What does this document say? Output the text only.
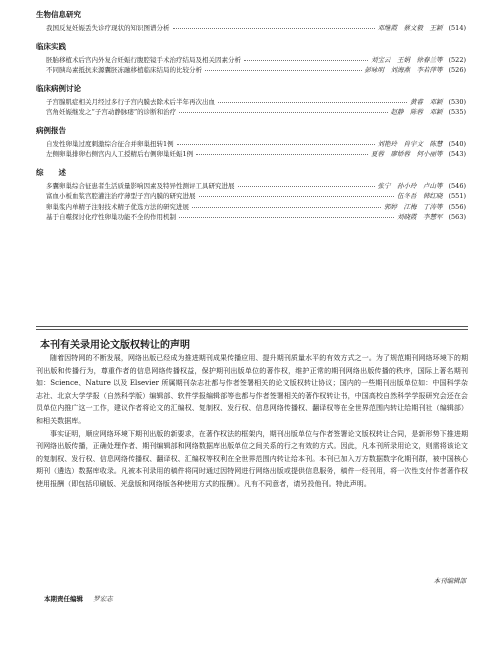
生物信息研究
我国反复妊娠丢失诊疗现状的知识图谱分析	邓继霞　蔡文毅　王颖 (514)
临床实践
胚胎移植术后宫内外复合妊娠行腹腔镜手术治疗结局及相关因素分析	刘宝云　王娟　徐春兰等 (522)
不同胰岛素抵抗来源囊胚冻融移植临床结局的比较分析	彭咏明　刘海燕　李若萍等 (526)
临床病例讨论
子宫腺肌症相关月经过多行子宫内膜去除术后半年再次出血	黄睿　邓颖 (530)
宫角妊娠继发之“子宫动静脉瘘”的诊断和治疗	赵静　陈蓉　邓颖 (535)
病例报告
自发性卵巢过度刺激综合征合并卵巢扭转1例	刘艳玲　肖宇文　陈慧 (540)
左侧卵巢排卵右侧宫内人工授精后右侧卵巢妊娠1例	夏蓉　廖娇蓉　何小丽等 (543)
综　　述
多囊卵巢综合征患者生活质量影响因素及特异性测评工具研究进展	张宁　孙小玲　卢山等 (546)
富血小板血浆宫腔灌注治疗薄型子宫内膜的研究进展	伍冬吾　韩红晓 (551)
卵巢浆内单精子注射技术精子优选方法的研究进展	郭婷　江梅　丁涛等 (556)
基于自噬探讨化疗性卵巢功能不全的作用机制	刘晓霞　李慧军 (563)
本刊有关录用论文版权转让的声明

随着因特网的不断发展，网络出版已经成为推进期刊成果传播应用、提升期刊质量水平的有效方式之一。为了规范期刊网络环境下的期刊出版和传播行为，尊重作者的信息网络传播权益，保护期刊出版单位的著作权，维护正常的期刊网络出版传播的秩序，国际上著名期刊如：Science、Nature 以及 Elsevier 所属期刊杂志社都与作者签署相关的论文版权转让协议；国内的一些期刊出版单位如：中国科学杂志社、北京大学学报（自然科学版）编辑部、软件学报编辑部等也都与作者签署相关的著作权转让书，中国高校自然科学学报研究会还在会员单位内推广这一工作，建议作者将论文的汇编权、复制权、发行权、信息网络传播权、翻译权等在全世界范围内转让给期刊社（编辑部）和相关数据库。

事实证明，顺应网络环境下期刊出版的新要求，在著作权法的框架内，期刊出版单位与作者签署论文版权转让合同，是新形势下推进期刊网络出版传播，正确处理作者、期刊编辑部和网络数据库出版单位之间关系的行之有效的方式。因此，凡本刊所录用论文，则需将该论文的复制权、发行权、信息网络传播权、翻译权、汇编权等权利在全世界范围内转让给本刊。本刊已加入万方数据数字化期刊群，被中国核心期刊（遴选）数据库收录。凡被本刊录用的稿件将同时通过因特网进行网络出版或提供信息服务，稿件一经刊用，将一次性支付作者著作权使用报酬（即包括印刷版、光盘版和网络版各种使用方式的报酬）。凡有不同意者，请另投他刊。特此声明。

本刊编辑部
本期责任编辑 罗宏志
